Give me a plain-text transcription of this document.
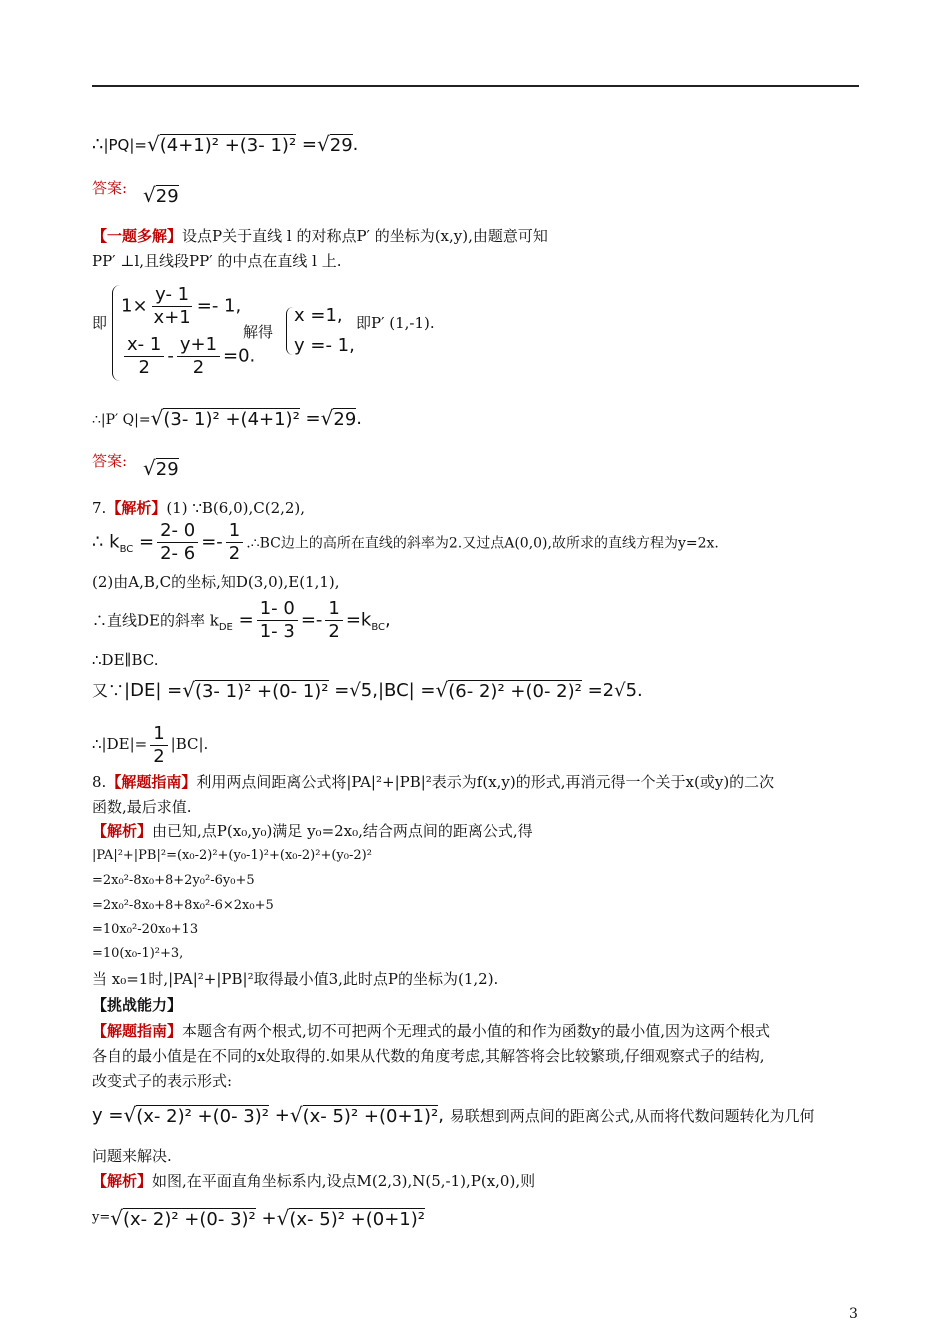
∴|PQ|=√(4+1)² +(3- 1)² =√29.
答案: √29
【一题多解】设点P关于直线 l 的对称点P′ 的坐标为(x,y),由题意可知
PP′ ⊥l,且线段PP′ 的中点在直线 l 上.
即
$1\times \frac{y- 1}{x+1} =- 1$,
$\frac{x- 1}{2} - \frac{y+1}{2} =0$.
解得
x =1,
y =- 1,
即P′ (1,-1).
∴|P′ Q|=√(3- 1)² +(4+1)² =√29.
答案: √29
7.【解析】(1) ∵B(6,0),C(2,2),
∴ $k_{BC} = \frac{2- 0}{2- 6} =- \frac{1}{2}$ .∴BC边上的高所在直线的斜率为2.又过点A(0,0),故所求的直线方程为y=2x.
(2)由A,B,C的坐标,知D(3,0),E(1,1),
∴直线DE的斜率 $k_{DE} = \frac{1- 0}{1- 3} =- \frac{1}{2} =k_{BC}$,
∴DE∥BC.
又∵|DE| =√(3- 1)² +(0- 1)² =√5,|BC| =√(6- 2)² +(0- 2)² =2√5.
∴|DE|= $\frac{1}{2} |BC|$.
8.【解题指南】利用两点间距离公式将|PA|²+|PB|²表示为f(x,y)的形式,再消元得一个关于x(或y)的二次
函数,最后求值.
【解析】由已知,点P(x₀,y₀)满足 y₀=2x₀,结合两点间的距离公式,得
|PA|²+|PB|²=(x₀-2)²+(y₀-1)²+(x₀-2)²+(y₀-2)²
=2x₀²-8x₀+8+2y₀²-6y₀+5
=2x₀²-8x₀+8+8x₀²-6×2x₀+5
=10x₀²-20x₀+13
=10(x₀-1)²+3,
当 x₀=1时,|PA|²+|PB|²取得最小值3,此时点P的坐标为(1,2).
【挑战能力】
【解题指南】本题含有两个根式,切不可把两个无理式的最小值的和作为函数y的最小值,因为这两个根式
各自的最小值是在不同的x处取得的.如果从代数的角度考虑,其解答将会比较繁琐,仔细观察式子的结构,
改变式子的表示形式:
y =√(x- 2)² +(0- 3)² +√(x- 5)² +(0+1)², 易联想到两点间的距离公式,从而将代数问题转化为几何
问题来解决.
【解析】如图,在平面直角坐标系内,设点M(2,3),N(5,-1),P(x,0),则
$^{y=}$√(x- 2)² +(0- 3)² +√(x- 5)² +(0+1)²
3
